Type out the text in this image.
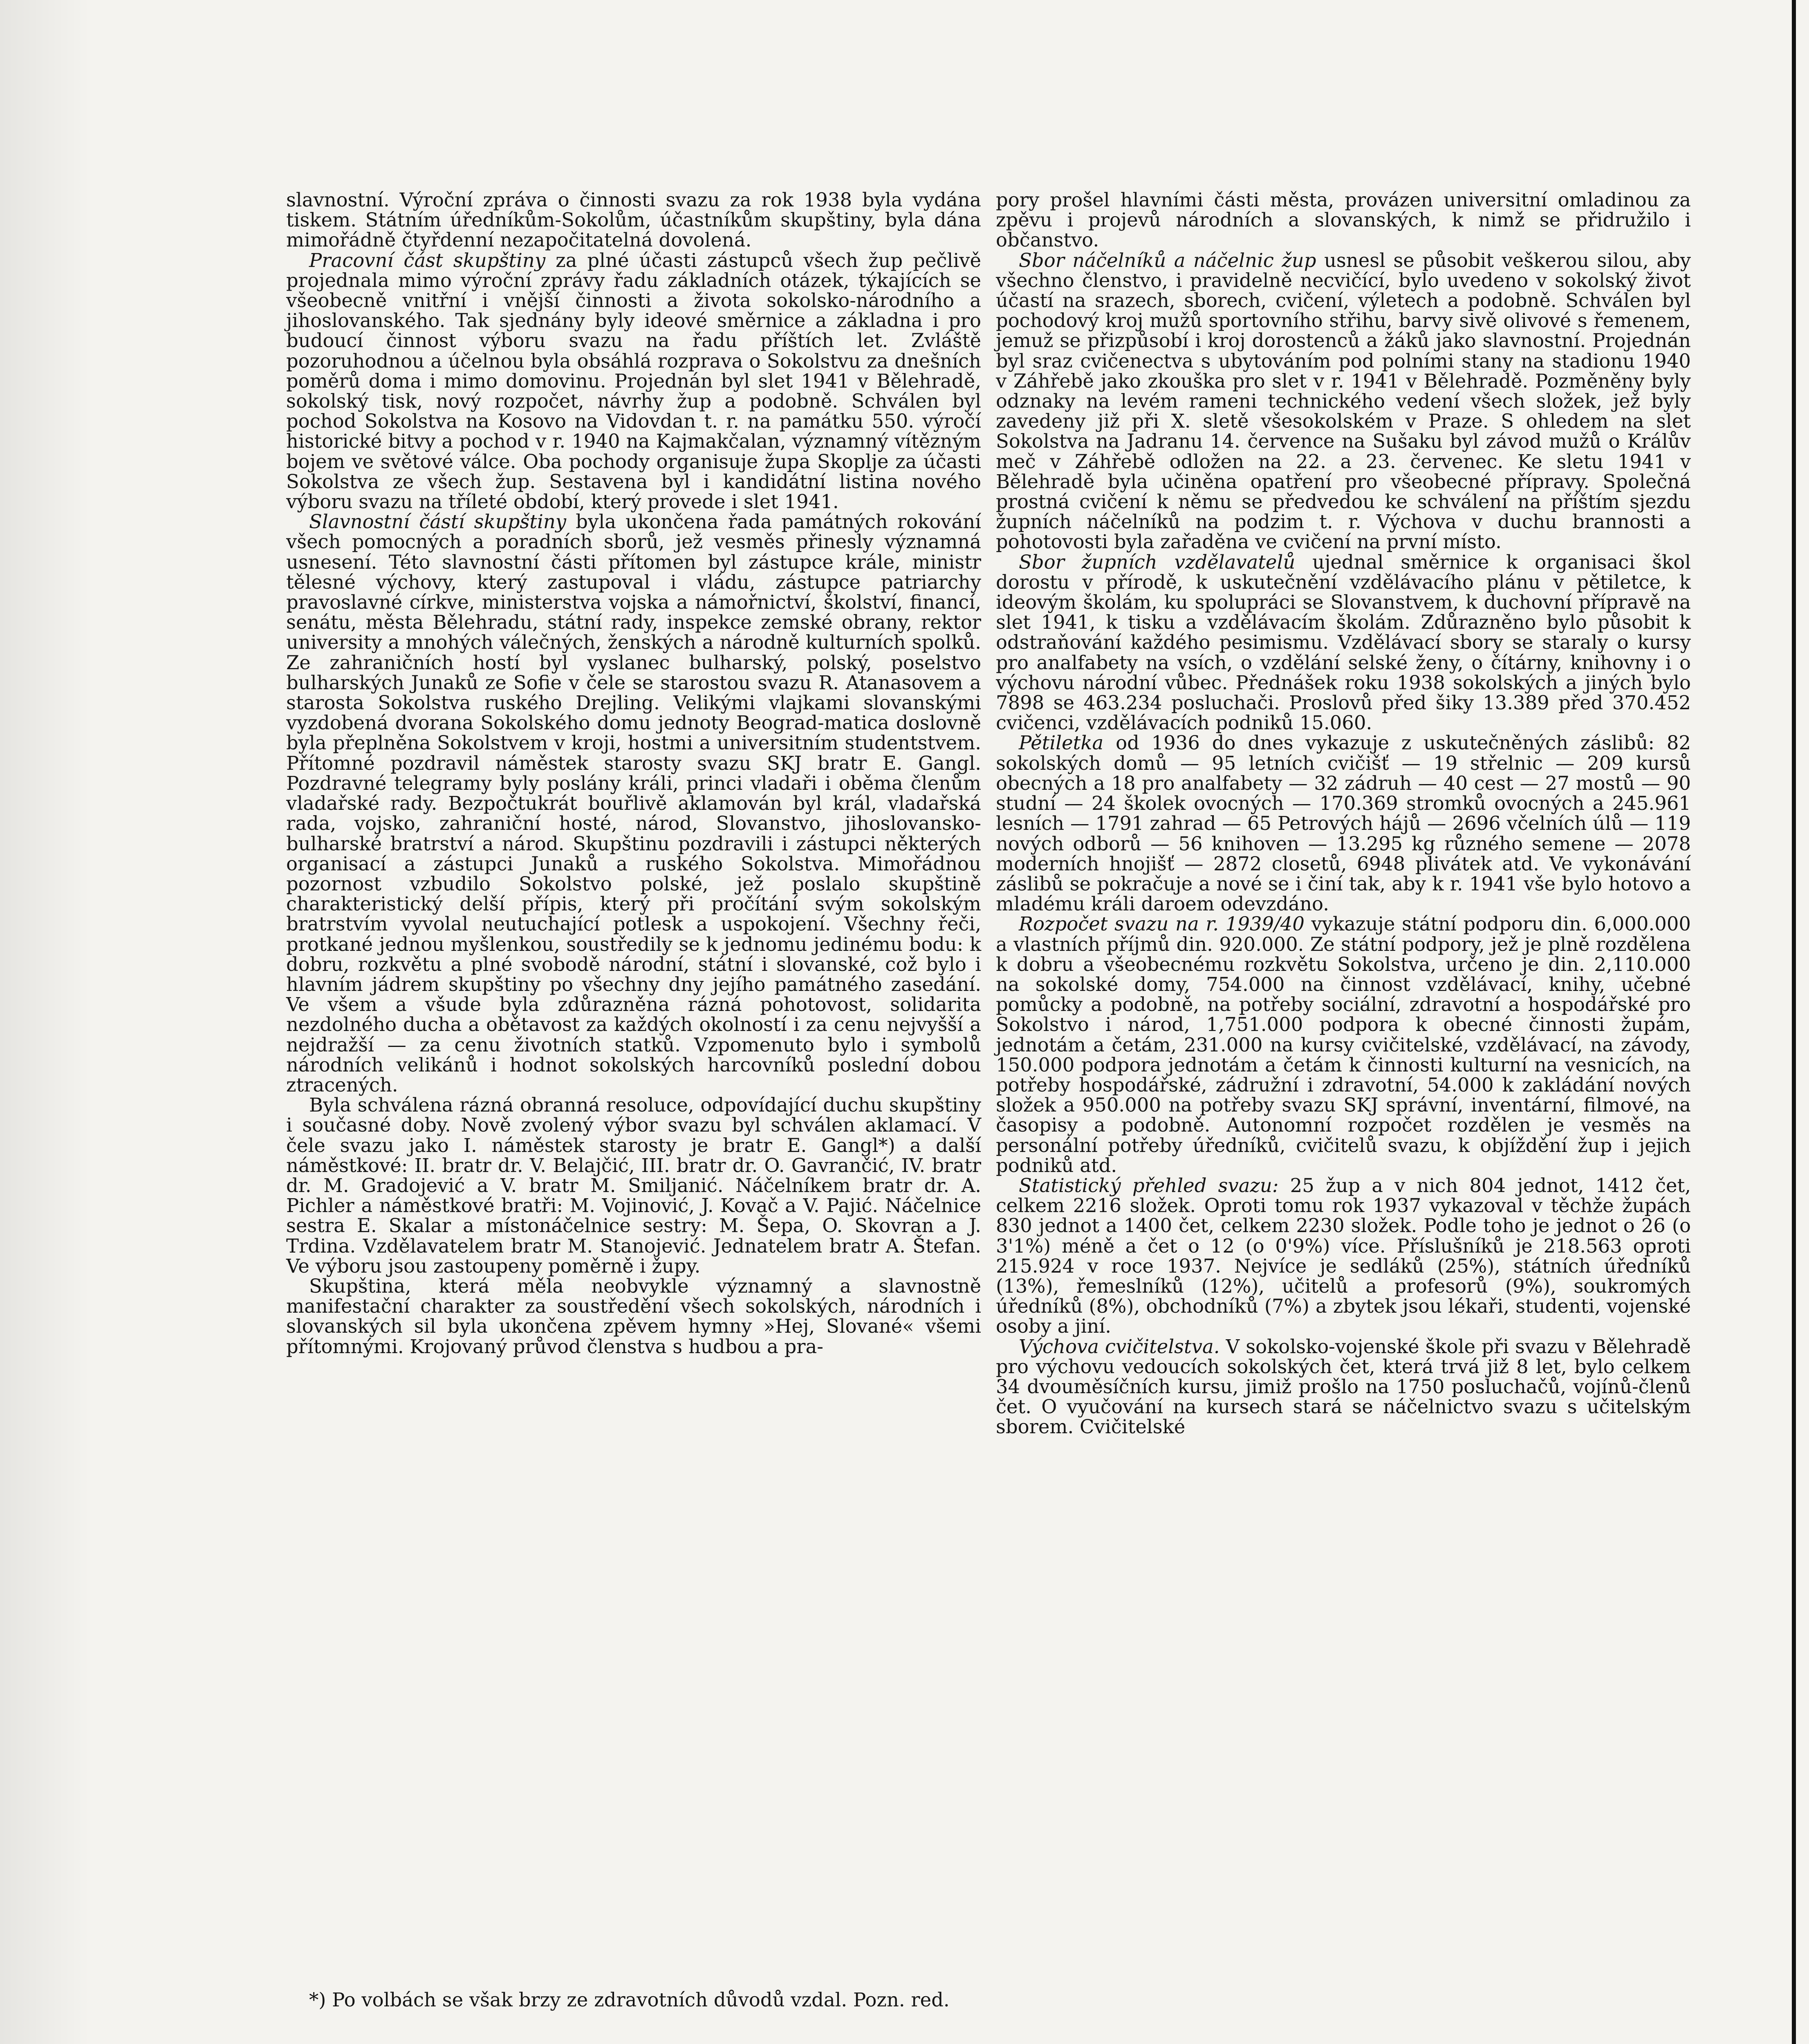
slavnostní. Výroční zpráva o činnosti svazu za rok 1938 byla vydána tiskem. Státním úředníkům-Sokolům, účastníkům skupštiny, byla dána mimořádně čtyřdenní nezapočitatelná dovolená.

Pracovní část skupštiny za plné účasti zástupců všech žup pečlivě projednala mimo výroční zprávy řadu základních otázek, týkajících se všeobecně vnitřní i vnější činnosti a života sokolsko-národního a jihoslovanského. Tak sjednány byly ideové směrnice a základna i pro budoucí činnost výboru svazu na řadu příštích let. Zvláště pozoruhodnou a účelnou byla obsáhlá rozprava o Sokolstvu za dnešních poměrů doma i mimo domovinu. Projednán byl slet 1941 v Bělehradě, sokolský tisk, nový rozpočet, návrhy žup a podobně. Schválen byl pochod Sokolstva na Kosovo na Vidovdan t. r. na památku 550. výročí historické bitvy a pochod v r. 1940 na Kajmakčalan, významný vítězným bojem ve světové válce. Oba pochody organisuje župa Skoplje za účasti Sokolstva ze všech žup. Sestavena byl i kandidátní listina nového výboru svazu na tříleté období, který provede i slet 1941.

Slavnostní částí skupštiny byla ukončena řada památných rokování všech pomocných a poradních sborů, jež vesměs přinesly významná usnesení. Této slavnostní části přítomen byl zástupce krále, ministr tělesné výchovy, který zastupoval i vládu, zástupce patriarchy pravoslavné církve, ministerstva vojska a námořnictví, školství, financí, senátu, města Bělehradu, státní rady, inspekce zemské obrany, rektor university a mnohých válečných, ženských a národně kulturních spolků. Ze zahraničních hostí byl vyslanec bulharský, polský, poselstvo bulharských Junaků ze Sofie v čele se starostou svazu R. Atanasovem a starosta Sokolstva ruského Drejling. Velikými vlajkami slovanskými vyzdobená dvorana Sokolského domu jednoty Beograd-matica doslovně byla přeplněna Sokolstvem v kroji, hostmi a universitním studentstvem. Přítomné pozdravil náměstek starosty svazu SKJ bratr E. Gangl. Pozdravné telegramy byly poslány králi, princi vladaři i oběma členům vladařské rady. Bezpočtukrát bouřlivě aklamován byl král, vladařská rada, vojsko, zahraniční hosté, národ, Slovanstvo, jihoslovansko-bulharské bratrství a národ. Skupštinu pozdravili i zástupci některých organisací a zástupci Junaků a ruského Sokolstva. Mimořádnou pozornost vzbudilo Sokolstvo polské, jež poslalo skupštině charakteristický delší přípis, který při pročítání svým sokolským bratrstvím vyvolal neutuchající potlesk a uspokojení. Všechny řeči, protkané jednou myšlenkou, soustředily se k jednomu jedinému bodu: k dobru, rozkvětu a plné svobodě národní, státní i slovanské, což bylo i hlavním jádrem skupštiny po všechny dny jejího památného zasedání. Ve všem a všude byla zdůrazněna rázná pohotovost, solidarita nezdolného ducha a obětavost za každých okolností i za cenu nejvyšší a nejdražší — za cenu životních statků. Vzpomenuto bylo i symbolů národních velikánů i hodnot sokolských harcovníků poslední dobou ztracených.

Byla schválena rázná obranná resoluce, odpovídající duchu skupštiny i současné doby. Nově zvolený výbor svazu byl schválen aklamací. V čele svazu jako I. náměstek starosty je bratr E. Gangl*) a další náměstkové: II. bratr dr. V. Belajčić, III. bratr dr. O. Gavrančić, IV. bratr dr. M. Gradojević a V. bratr M. Smiljanić. Náčelníkem bratr dr. A. Pichler a náměstkové bratři: M. Vojinović, J. Kovač a V. Pajić. Náčelnice sestra E. Skalar a místonáčelnice sestry: M. Šepa, O. Skovran a J. Trdina. Vzdělavatelem bratr M. Stanojević. Jednatelem bratr A. Štefan. Ve výboru jsou zastoupeny poměrně i župy.

Skupština, která měla neobvykle významný a slavnostně manifestační charakter za soustředění všech sokolských, národních i slovanských sil byla ukončena zpěvem hymny »Hej, Slované« všemi přítomnými. Krojovaný průvod členstva s hudbou a pra-

*) Po volbách se však brzy ze zdravotních důvodů vzdal. Pozn. red.

pory prošel hlavními části města, provázen universitní omladinou za zpěvu i projevů národních a slovanských, k nimž se přidružilo i občanstvo.

Sbor náčelníků a náčelnic žup usnesl se působit veškerou silou, aby všechno členstvo, i pravidelně necvičící, bylo uvedeno v sokolský život účastí na srazech, sborech, cvičení, výletech a podobně. Schválen byl pochodový kroj mužů sportovního střihu, barvy sivě olivové s řemenem, jemuž se přizpůsobí i kroj dorostenců a žáků jako slavnostní. Projednán byl sraz cvičenectva s ubytováním pod polními stany na stadionu 1940 v Záhřebě jako zkouška pro slet v r. 1941 v Bělehradě. Pozměněny byly odznaky na levém rameni technického vedení všech složek, jež byly zavedeny již při X. sletě všesokolském v Praze. S ohledem na slet Sokolstva na Jadranu 14. července na Sušaku byl závod mužů o Králův meč v Záhřebě odložen na 22. a 23. červenec. Ke sletu 1941 v Bělehradě byla učiněna opatření pro všeobecné přípravy. Společná prostná cvičení k němu se předvedou ke schválení na příštím sjezdu župních náčelníků na podzim t. r. Výchova v duchu brannosti a pohotovosti byla zařaděna ve cvičení na první místo.

Sbor župních vzdělavatelů ujednal směrnice k organisaci škol dorostu v přírodě, k uskutečnění vzdělávacího plánu v pětiletce, k ideovým školám, ku spolupráci se Slovanstvem, k duchovní přípravě na slet 1941, k tisku a vzdělávacím školám. Zdůrazněno bylo působit k odstraňování každého pesimismu. Vzdělávací sbory se staraly o kursy pro analfabety na vsích, o vzdělání selské ženy, o čítárny, knihovny i o výchovu národní vůbec. Přednášek roku 1938 sokolských a jiných bylo 7898 se 463.234 posluchači. Proslovů před šiky 13.389 před 370.452 cvičenci, vzdělávacích podniků 15.060.

Pětiletka od 1936 do dnes vykazuje z uskutečněných záslibů: 82 sokolských domů — 95 letních cvičišť — 19 střelnic — 209 kursů obecných a 18 pro analfabety — 32 zádruh — 40 cest — 27 mostů — 90 studní — 24 školek ovocných — 170.369 stromků ovocných a 245.961 lesních — 1791 zahrad — 65 Petrových hájů — 2696 včelních úlů — 119 nových odborů — 56 knihoven — 13.295 kg různého semene — 2078 moderních hnojišť — 2872 closetů, 6948 plivátek atd. Ve vykonávání záslibů se pokračuje a nové se i činí tak, aby k r. 1941 vše bylo hotovo a mladému králi daroem odevzdáno.

Rozpočet svazu na r. 1939/40 vykazuje státní podporu din. 6,000.000 a vlastních příjmů din. 920.000. Ze státní podpory, jež je plně rozdělena k dobru a všeobecnému rozkvětu Sokolstva, určeno je din. 2,110.000 na sokolské domy, 754.000 na činnost vzdělávací, knihy, učebné pomůcky a podobně, na potřeby sociální, zdravotní a hospodářské pro Sokolstvo i národ, 1,751.000 podpora k obecné činnosti župám, jednotám a četám, 231.000 na kursy cvičitelské, vzdělávací, na závody, 150.000 podpora jednotám a četám k činnosti kulturní na vesnicích, na potřeby hospodářské, zádružní i zdravotní, 54.000 k zakládání nových složek a 950.000 na potřeby svazu SKJ správní, inventární, filmové, na časopisy a podobně. Autonomní rozpočet rozdělen je vesměs na personální potřeby úředníků, cvičitelů svazu, k objíždění žup i jejich podniků atd.

Statistický přehled svazu: 25 žup a v nich 804 jednot, 1412 čet, celkem 2216 složek. Oproti tomu rok 1937 vykazoval v těchže župách 830 jednot a 1400 čet, celkem 2230 složek. Podle toho je jednot o 26 (o 3'1%) méně a čet o 12 (o 0'9%) více. Příslušníků je 218.563 oproti 215.924 v roce 1937. Nejvíce je sedláků (25%), státních úředníků (13%), řemeslníků (12%), učitelů a profesorů (9%), soukromých úředníků (8%), obchodníků (7%) a zbytek jsou lékaři, studenti, vojenské osoby a jiní.

Výchova cvičitelstva. V sokolsko-vojenské škole při svazu v Bělehradě pro výchovu vedoucích sokolských čet, která trvá již 8 let, bylo celkem 34 dvouměsíčních kursu, jimiž prošlo na 1750 posluchačů, vojínů-členů čet. O vyučování na kursech stará se náčelnictvo svazu s učitelským sborem. Cvičitelské
